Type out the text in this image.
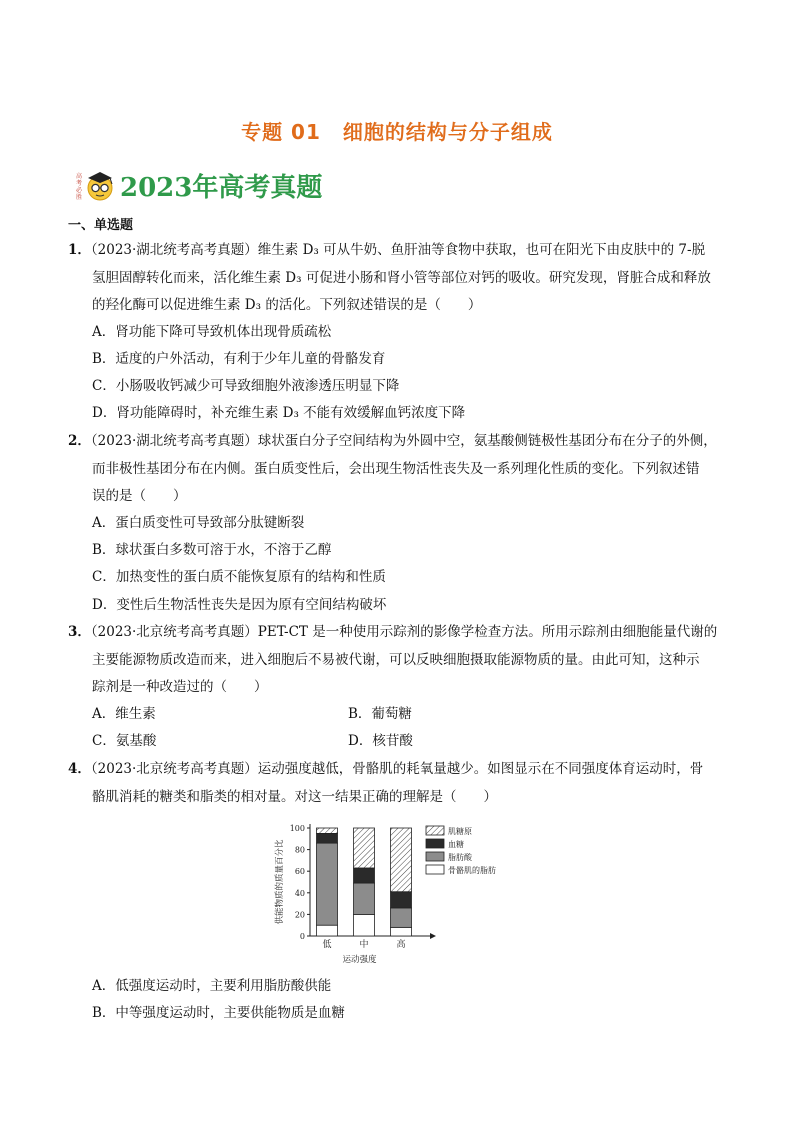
专题 01 细胞的结构与分子组成
高
考
必
胜 2023年高考真题
一、单选题

1．（2023·湖北统考高考真题）维生素 D₃ 可从牛奶、鱼肝油等食物中获取，也可在阳光下由皮肤中的 7-脱

氢胆固醇转化而来，活化维生素 D₃ 可促进小肠和肾小管等部位对钙的吸收。研究发现，肾脏合成和释放

的羟化酶可以促进维生素 D₃ 的活化。下列叙述错误的是（　　）

A．肾功能下降可导致机体出现骨质疏松
B．适度的户外活动，有利于少年儿童的骨骼发育
C．小肠吸收钙减少可导致细胞外液渗透压明显下降
D．肾功能障碍时，补充维生素 D₃ 不能有效缓解血钙浓度下降

2．（2023·湖北统考高考真题）球状蛋白分子空间结构为外圆中空，氨基酸侧链极性基团分布在分子的外侧，

而非极性基团分布在内侧。蛋白质变性后，会出现生物活性丧失及一系列理化性质的变化。下列叙述错

误的是（　　）

A．蛋白质变性可导致部分肽键断裂
B．球状蛋白多数可溶于水，不溶于乙醇
C．加热变性的蛋白质不能恢复原有的结构和性质
D．变性后生物活性丧失是因为原有空间结构破坏

3．（2023·北京统考高考真题）PET-CT 是一种使用示踪剂的影像学检查方法。所用示踪剂由细胞能量代谢的

主要能源物质改造而来，进入细胞后不易被代谢，可以反映细胞摄取能源物质的量。由此可知，这种示

踪剂是一种改造过的（　　）

A．维生素	B．葡萄糖
C．氨基酸	D．核苷酸

4．（2023·北京统考高考真题）运动强度越低，骨骼肌的耗氧量越少。如图显示在不同强度体育运动时，骨

骼肌消耗的糖类和脂类的相对量。对这一结果正确的理解是（　　）

0
20
40
60
80
100
供能物质的质量百分比
低	中	高
运动强度
肌糖原
血糖
脂肪酸
骨骼肌的脂肪
A．低强度运动时，主要利用脂肪酸供能
B．中等强度运动时，主要供能物质是血糖
